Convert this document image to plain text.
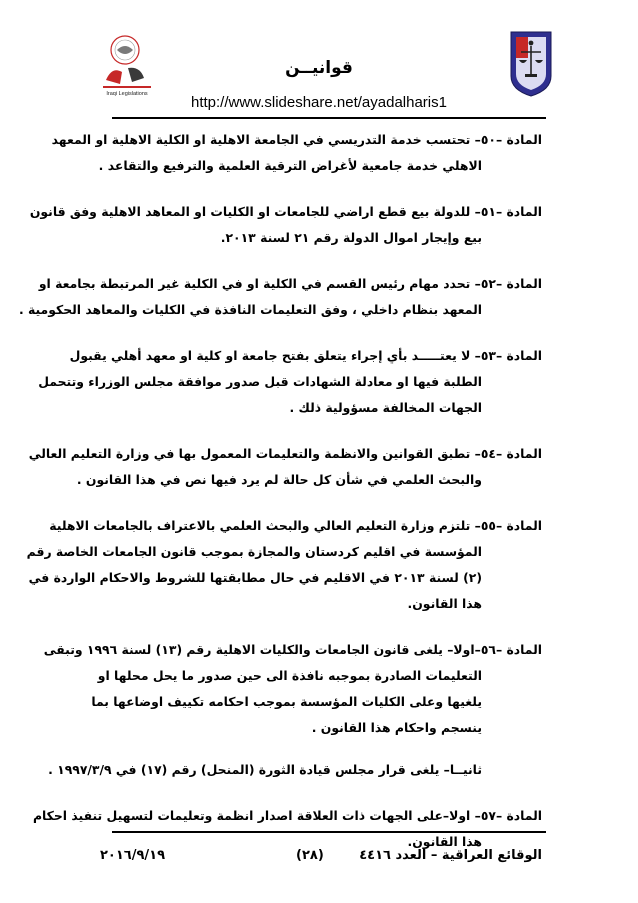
Iraqi Legislations
قوانيــن
http://www.slideshare.net/ayadalharis1
المادة –٥٠– تحتسب خدمة التدريسي في الجامعة الاهلية او الكلية الاهلية او المعهد
الاهلي خدمة جامعية لأغراض الترقية العلمية والترفيع والتقاعد .
المادة –٥١– للدولة بيع قطع اراضي للجامعات او الكليات او المعاهد الاهلية وفق قانون
بيع وإيجار اموال الدولة رقم ٢١ لسنة ٢٠١٣.
المادة –٥٢– تحدد مهام رئيس القسم في الكلية او في الكلية غير المرتبطة بجامعة او
المعهد بنظام داخلي ، وفق التعليمات النافذة في الكليات والمعاهد الحكومية .
المادة –٥٣– لا يعتـــــد بأي إجراء يتعلق بفتح جامعة او كلية او معهد أهلي يقبول
الطلبة فيها او معادلة الشهادات قبل صدور موافقة مجلس الوزراء وتتحمل
الجهات المخالفة مسؤولية ذلك .
المادة –٥٤– تطبق القوانين والانظمة والتعليمات المعمول بها في وزارة التعليم العالي
والبحث العلمي في شأن كل حالة لم يرد فيها نص في هذا القانون .
المادة –٥٥– تلتزم وزارة التعليم العالي والبحث العلمي بالاعتراف بالجامعات الاهلية
المؤسسة في اقليم كردستان والمجازة بموجب قانون الجامعات الخاصة رقم
(٢) لسنة ٢٠١٣ في الاقليم في حال مطابقتها للشروط والاحكام الواردة في
هذا القانون.
المادة –٥٦–اولا– يلغى قانون الجامعات والكليات الاهلية رقم (١٣) لسنة ١٩٩٦ وتبقى
التعليمات الصادرة بموجبه نافذة الى حين صدور ما يحل محلها او
يلغيها وعلى الكليات المؤسسة بموجب احكامه تكييف اوضاعها بما
ينسجم واحكام هذا القانون .
ثانيــا– يلغى قرار مجلس قيادة الثورة (المنحل) رقم (١٧) في ١٩٩٧/٣/٩ .
المادة –٥٧– اولا–على الجهات ذات العلاقة اصدار انظمة وتعليمات لتسهيل تنفيذ احكام
هذا القانون.
الوقائع العراقية – العدد ٤٤١٦
(٢٨)
٢٠١٦/٩/١٩
